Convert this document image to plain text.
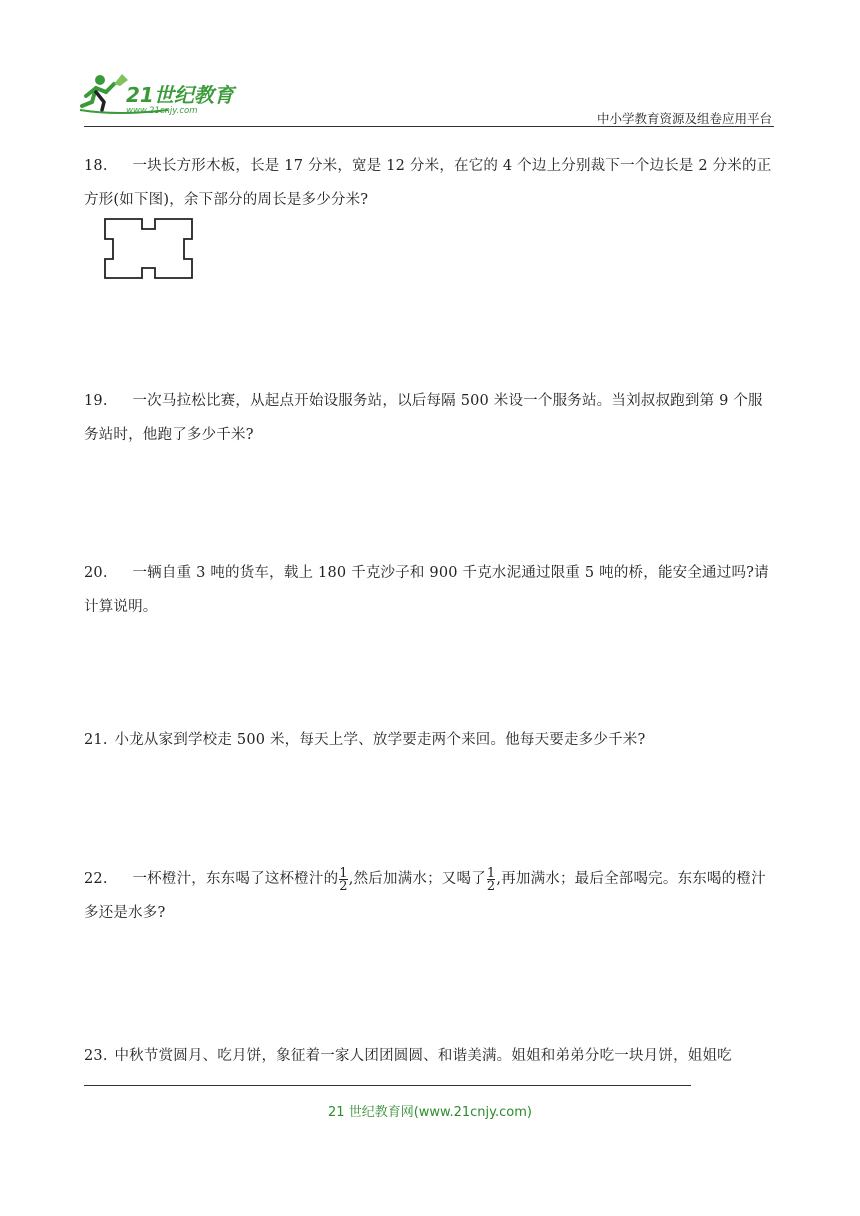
21世纪教育
www.21cnjy.com	中小学教育资源及组卷应用平台
18. 一块长方形木板，长是 17 分米，宽是 12 分米，在它的 4 个边上分别裁下一个边长是 2 分米的正方形(如下图)，余下部分的周长是多少分米?
19. 一次马拉松比赛，从起点开始设服务站，以后每隔 500 米设一个服务站。当刘叔叔跑到第 9 个服务站时，他跑了多少千米?
20. 一辆自重 3 吨的货车，载上 180 千克沙子和 900 千克水泥通过限重 5 吨的桥，能安全通过吗?请计算说明。
21. 小龙从家到学校走 500 米，每天上学、放学要走两个来回。他每天要走多少千米?
22. 一杯橙汁，东东喝了这杯橙汁的 $\frac{1}{2}$ ,然后加满水；又喝了 $\frac{1}{2}$ ,再加满水；最后全部喝完。东东喝的橙汁多还是水多?
23. 中秋节赏圆月、吃月饼，象征着一家人团团圆圆、和谐美满。姐姐和弟弟分吃一块月饼，姐姐吃
21 世纪教育网(www.21cnjy.com)
